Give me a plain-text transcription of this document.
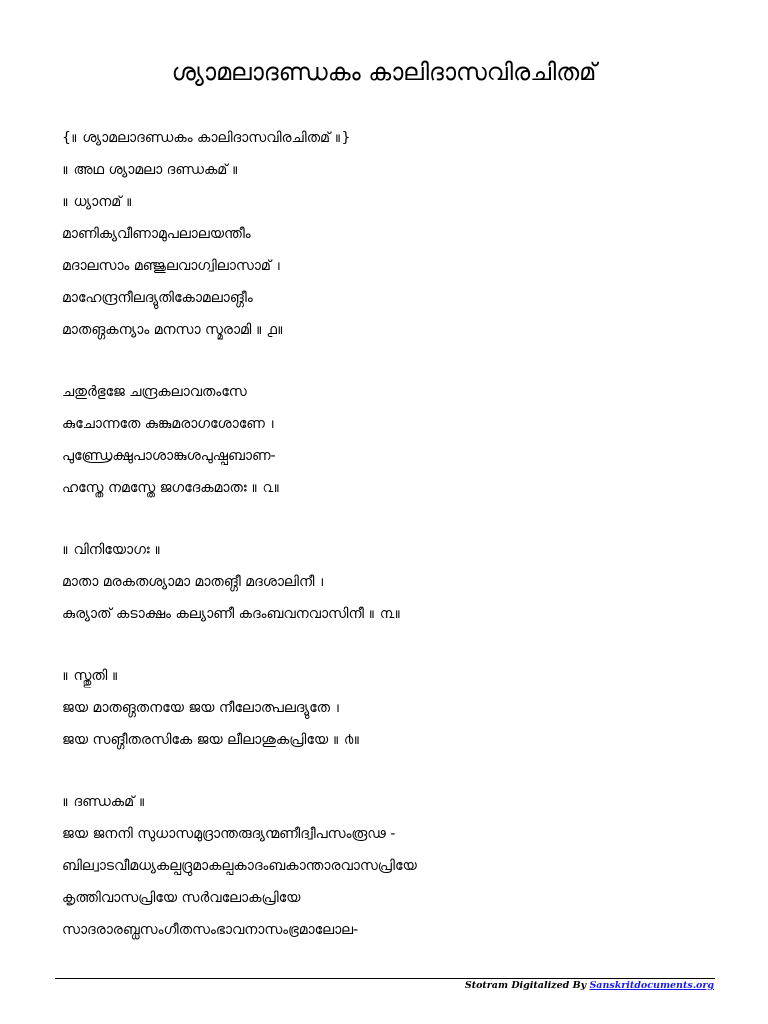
ശ്യാമലാദണ്ഡകം കാലിദാസവിരചിതമ്
{॥ ശ്യാമലാദണ്ഡകം കാലിദാസവിരചിതമ് ॥}
॥ അഥ ശ്യാമലാ ദണ്ഡകമ് ॥
॥ ധ്യാനമ് ॥
മാണിക്യവീണാമുപലാലയന്തീം
മദാലസാം മഞ്ജുലവാഗ്വിലാസാമ് ।
മാഹേന്ദ്രനീലദ്യുതികോമലാങ്ഗീം
മാതങ്ഗകന്യാം മനസാ സ്മരാമി ॥ ൧॥
ചതുർഭുജേ ചന്ദ്രകലാവതംസേ
കുചോന്നതേ കുങ്കുമരാഗശോണേ ।
പുണ്ഡ്രേക്ഷുപാശാങ്കുശപുഷ്പബാണ-
ഹസ്തേ നമസ്തേ ജഗദേകമാതഃ ॥ ൨॥
॥ വിനിയോഗഃ ॥
മാതാ മരകതശ്യാമാ മാതങ്ഗീ മദശാലിനീ ।
കുര്യാത് കടാക്ഷം കല്യാണീ കദംബവനവാസിനീ ॥ ൩॥
॥ സ്തുതി ॥
ജയ മാതങ്ഗതനയേ ജയ നീലോത്പലദ്യുതേ ।
ജയ സങ്ഗീതരസികേ ജയ ലീലാശുകപ്രിയേ ॥ ൪॥
॥ ദണ്ഡകമ് ॥
ജയ ജനനി സുധാസമുദ്രാന്തരുദ്യന്മണീദ്വീപസംരൂഢ -
ബില്വാടവീമധ്യകല്പദ്രുമാകല്പകാദംബകാന്താരവാസപ്രിയേ
കൃത്തിവാസപ്രിയേ സർവലോകപ്രിയേ
സാദരാരബ്ധസംഗീതസംഭാവനാസംഭ്രമാലോല-
Stotram Digitalized By Sanskritdocuments.org
